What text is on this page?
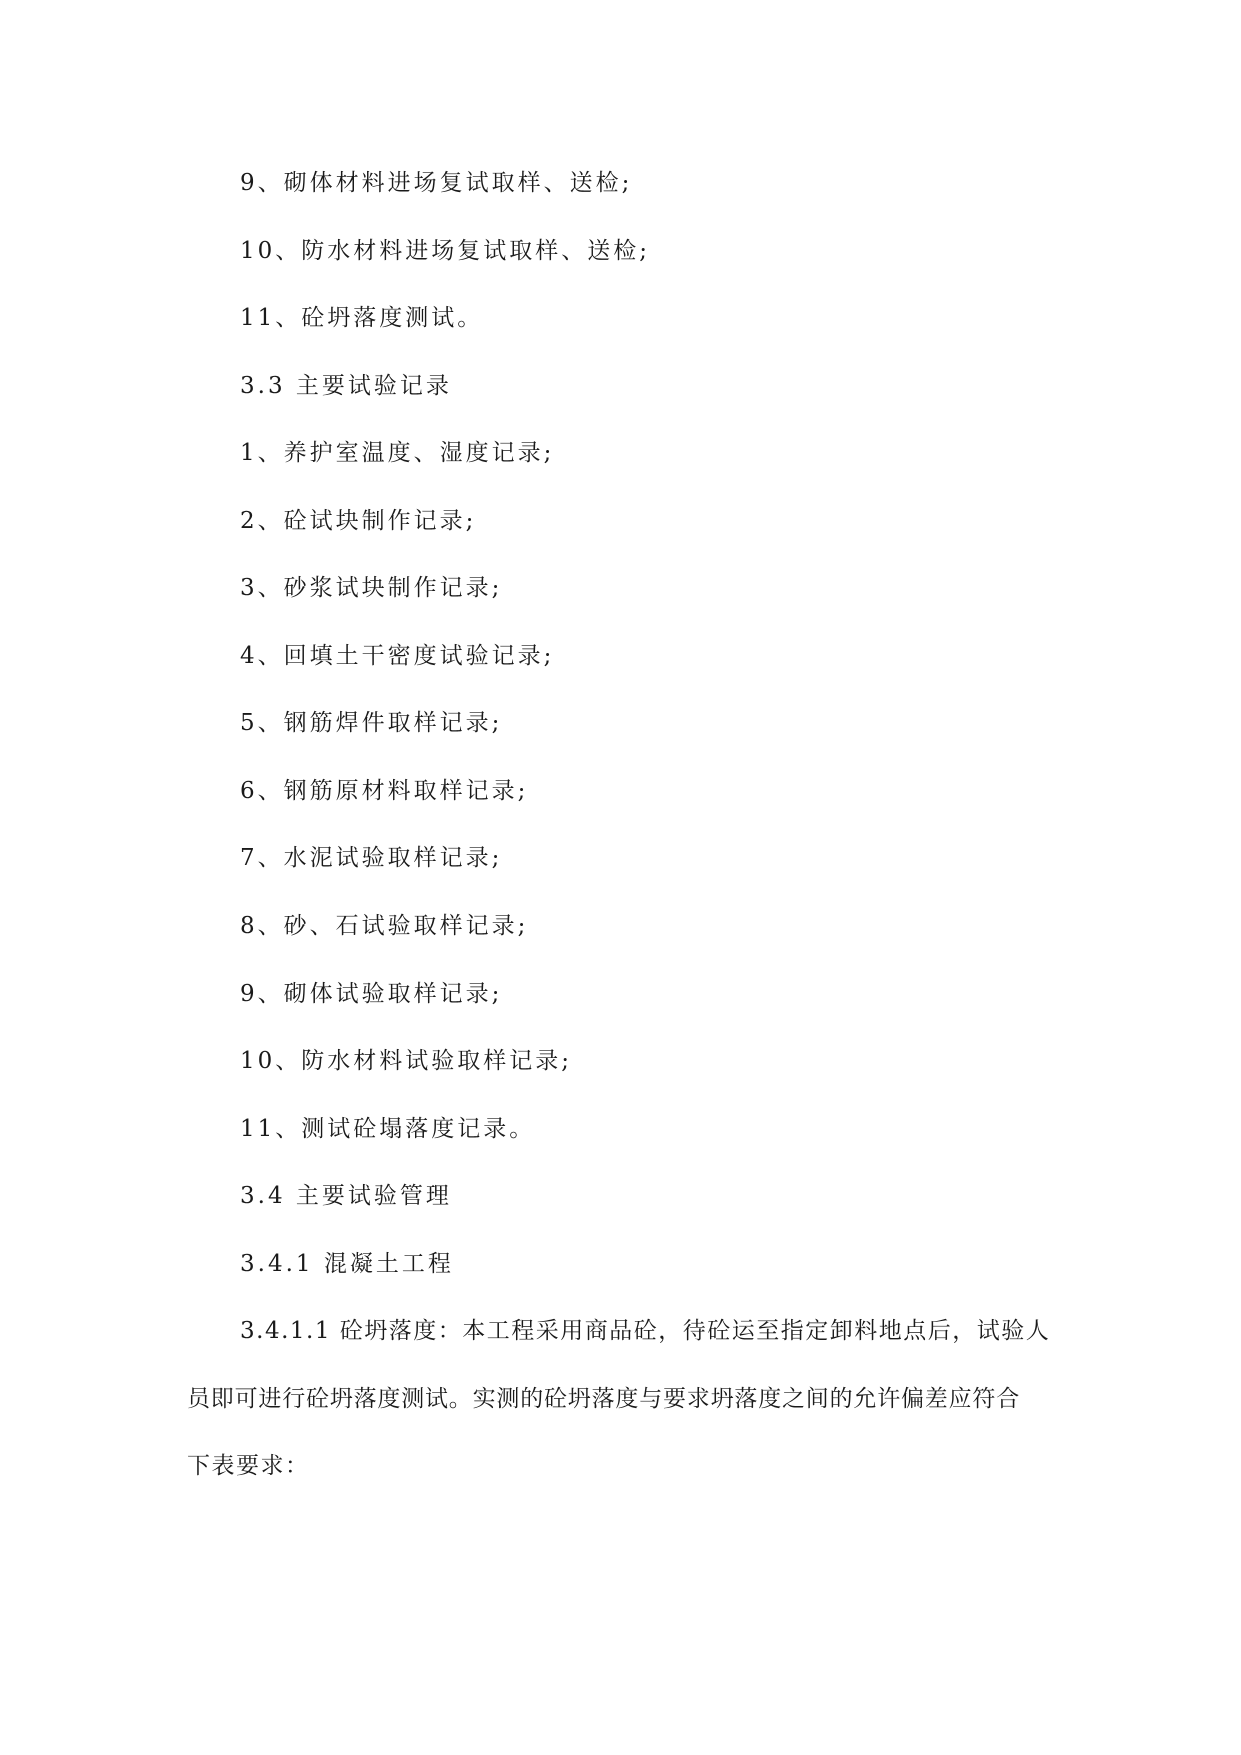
9、砌体材料进场复试取样、送检;
10、防水材料进场复试取样、送检;
11、砼坍落度测试。
3.3 主要试验记录
1、养护室温度、湿度记录;
2、砼试块制作记录;
3、砂浆试块制作记录;
4、回填土干密度试验记录;
5、钢筋焊件取样记录;
6、钢筋原材料取样记录;
7、水泥试验取样记录;
8、砂、石试验取样记录;
9、砌体试验取样记录;
10、防水材料试验取样记录;
11、测试砼塌落度记录。
3.4 主要试验管理
3.4.1 混凝土工程
3.4.1.1 砼坍落度：本工程采用商品砼，待砼运至指定卸料地点后，试验人
员即可进行砼坍落度测试。实测的砼坍落度与要求坍落度之间的允许偏差应符合
下表要求：
